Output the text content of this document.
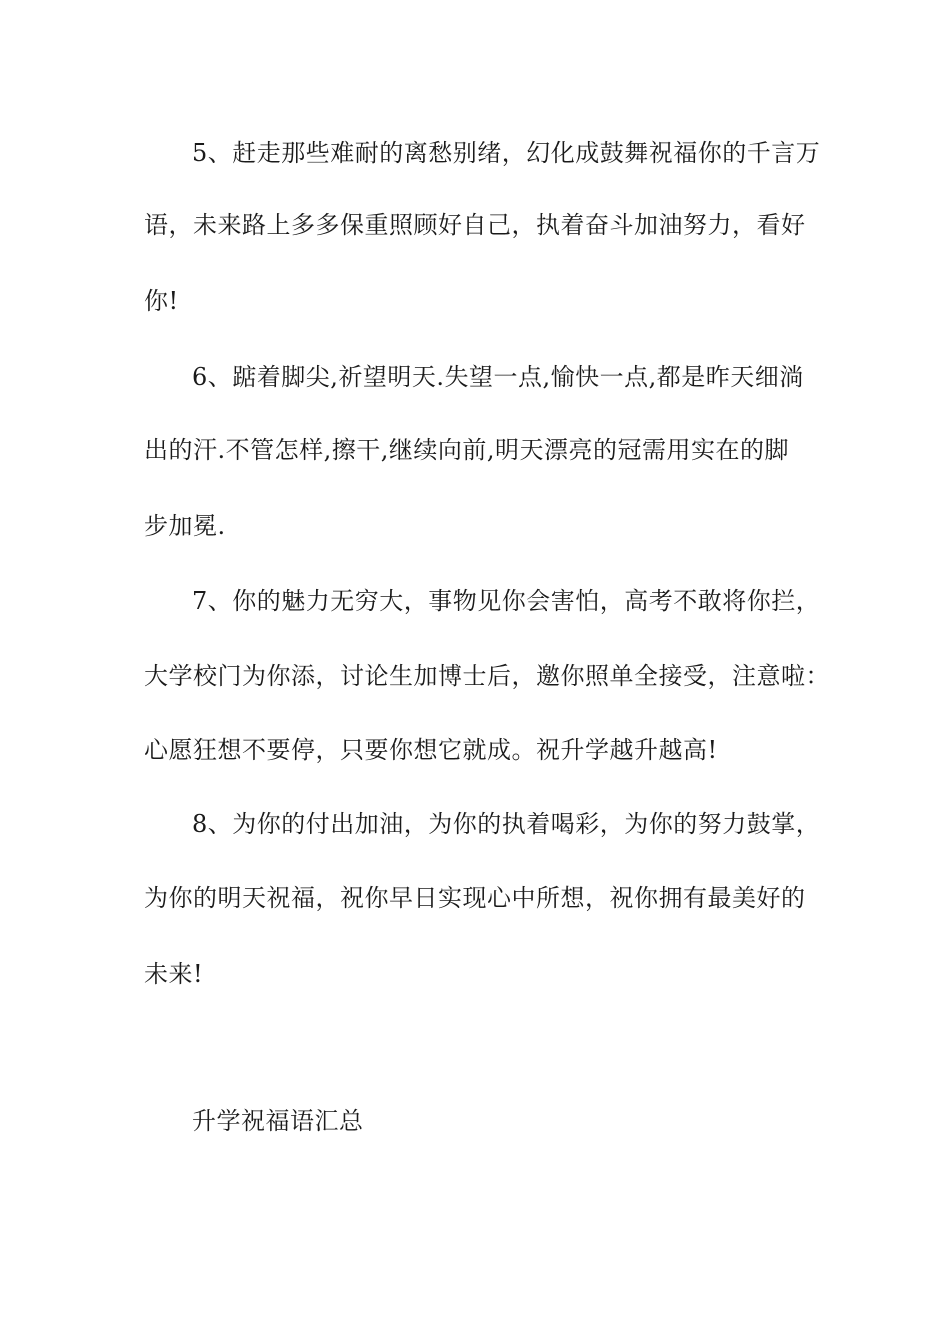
5、赶走那些难耐的离愁别绪，幻化成鼓舞祝福你的千言万
语，未来路上多多保重照顾好自己，执着奋斗加油努力，看好
你!
6、踮着脚尖,祈望明天.失望一点,愉快一点,都是昨天细淌
出的汗.不管怎样,擦干,继续向前,明天漂亮的冠需用实在的脚
步加冕.
7、你的魅力无穷大，事物见你会害怕，高考不敢将你拦，
大学校门为你添，讨论生加博士后，邀你照单全接受，注意啦：
心愿狂想不要停，只要你想它就成。祝升学越升越高!
8、为你的付出加油，为你的执着喝彩，为你的努力鼓掌，
为你的明天祝福，祝你早日实现心中所想，祝你拥有最美好的
未来!
升学祝福语汇总
